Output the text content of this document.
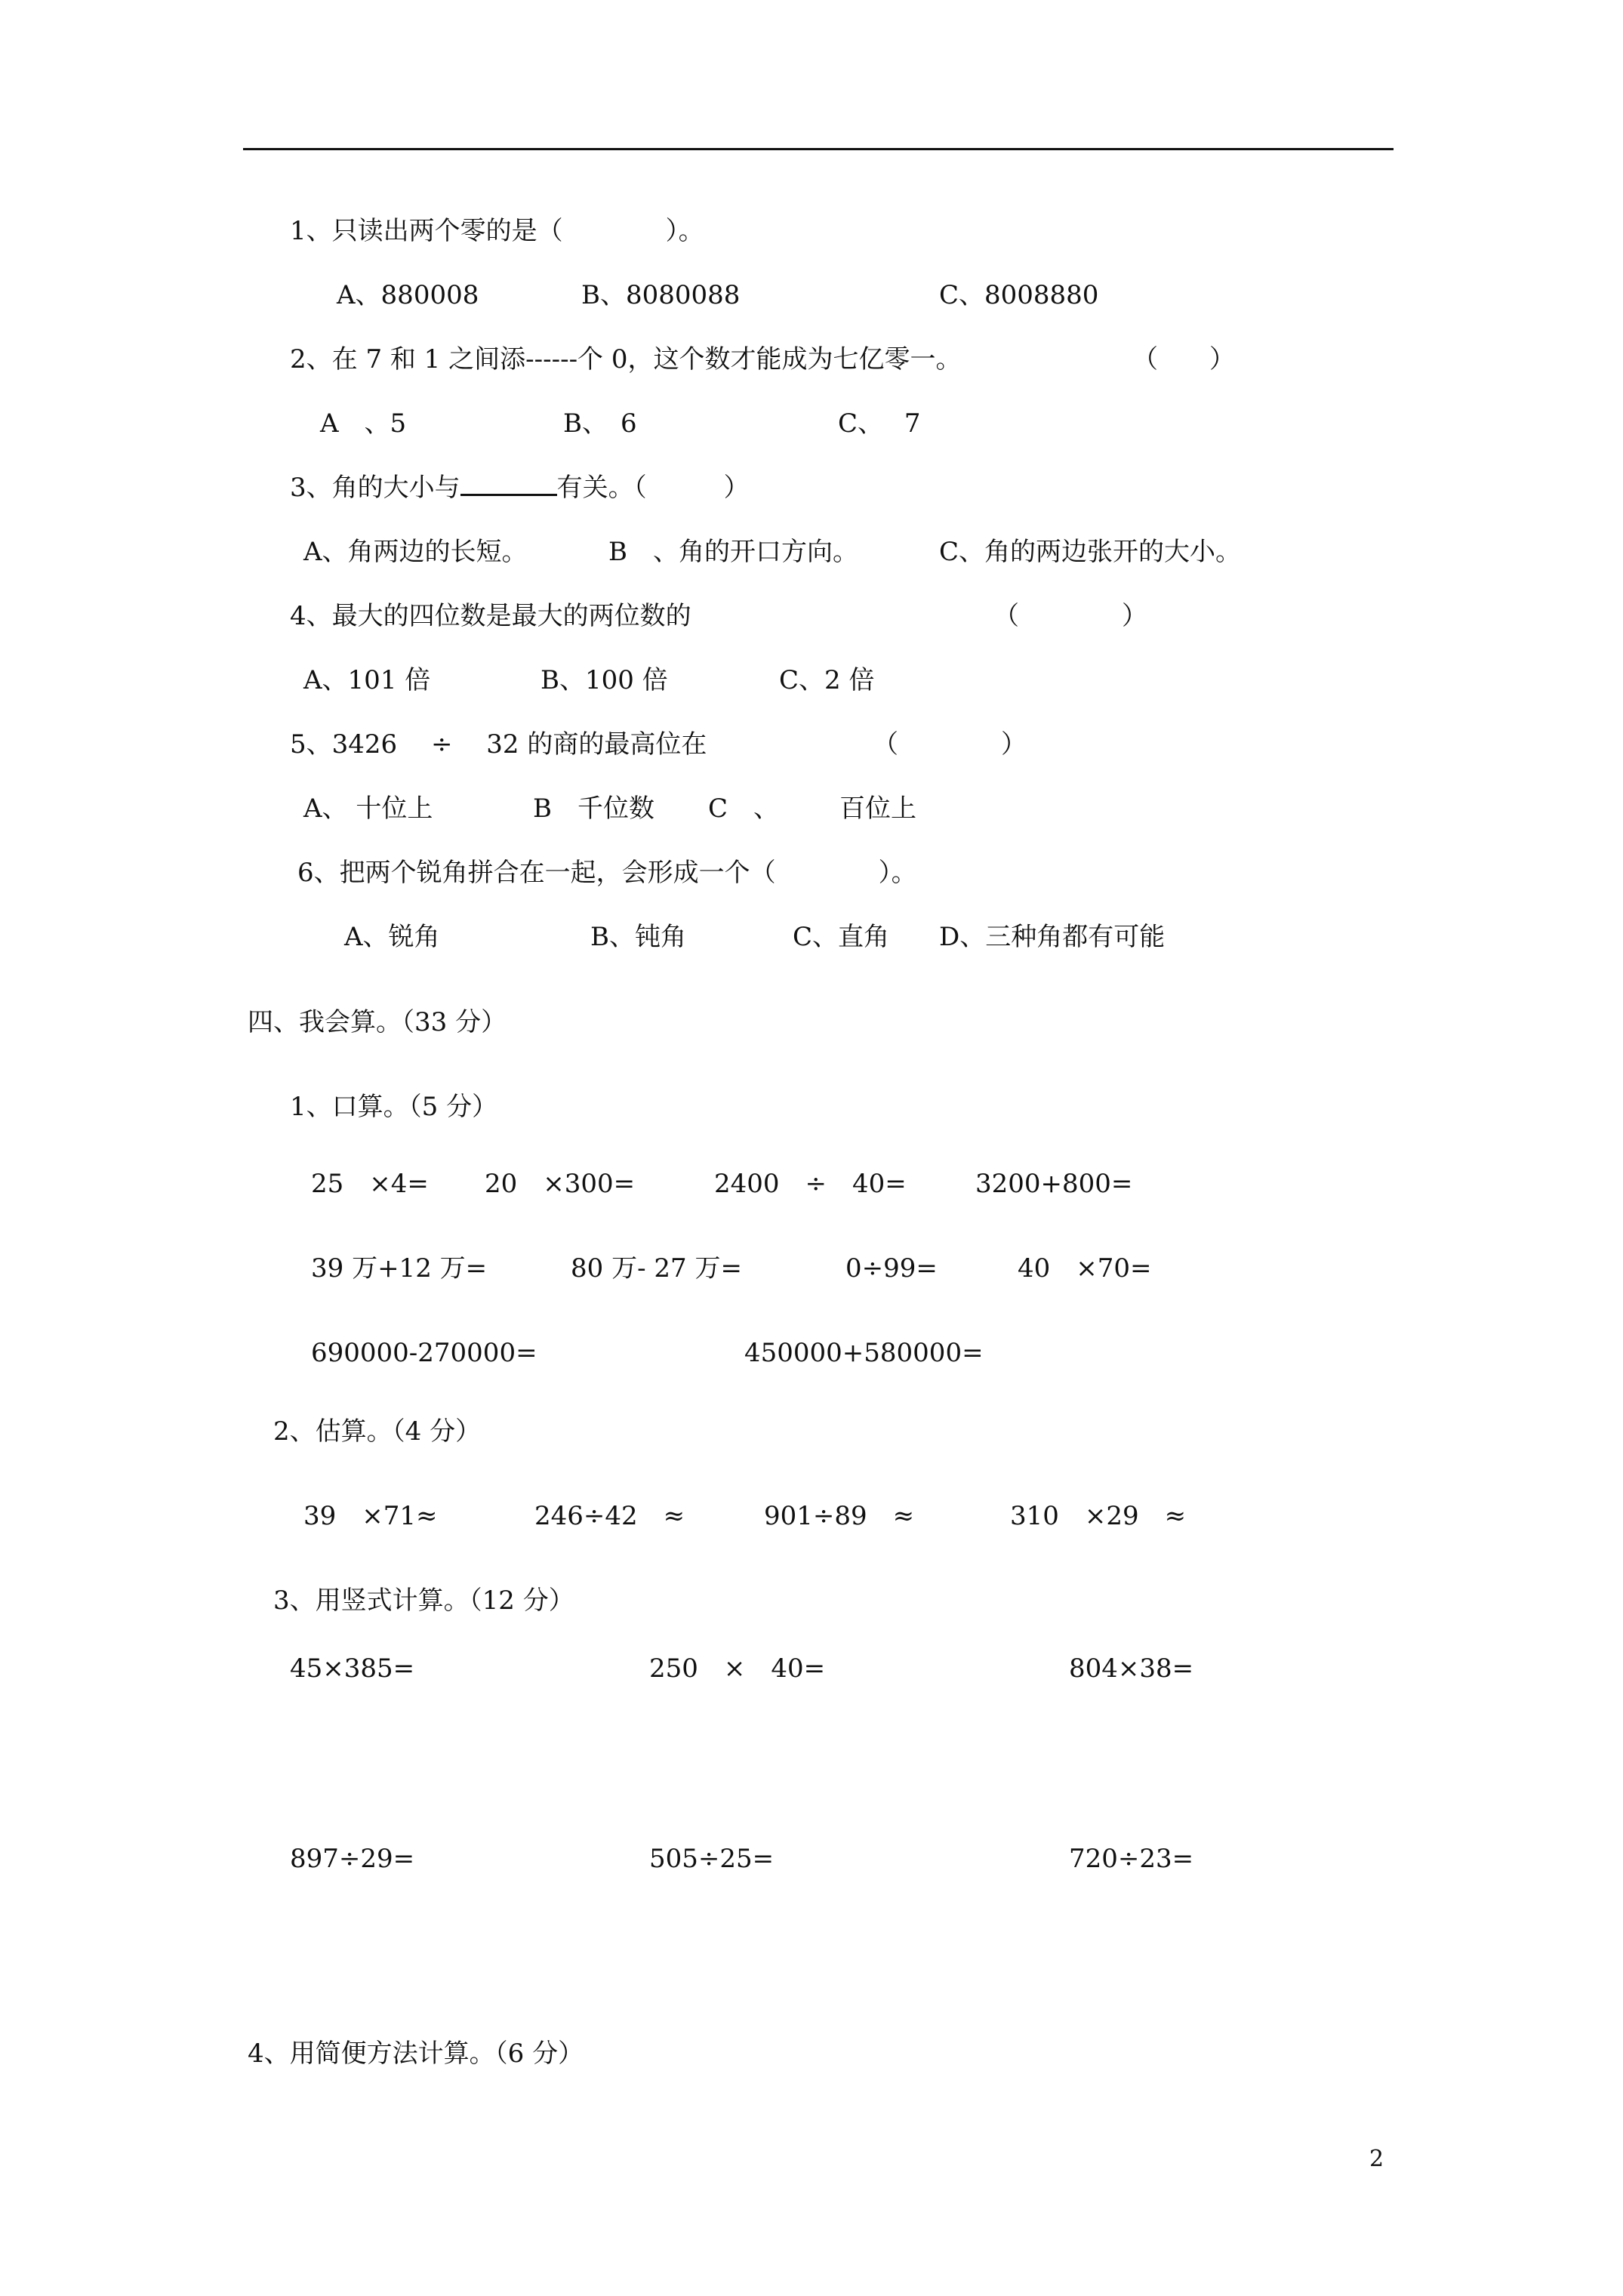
1、只读出两个零的是（　　　　）。
A、880008	B、8080088	C、8008880
2、在 7 和 1 之间添------个 0，这个数才能成为七亿零一。	（　　）
A　、5	B、　6	C、　 7
3、角的大小与	有关。（　　　）
A、角两边的长短。	B　、角的开口方向。	C、角的两边张开的大小。
4、最大的四位数是最大的两位数的	（　　　　）
A、101 倍	B、100 倍	C、2 倍
5、3426 　÷　 32 的商的最高位在	（　　　　）
A、 十位上	B　千位数 C　、 百位上
6、把两个锐角拼合在一起，会形成一个（　　　　）。
A、锐角	B、钝角	C、直角 D、三种角都有可能
四、我会算。（33 分）
1、口算。（5 分）
25　×4= 20　×300=	2400　÷　40=	3200+800=
39 万+12 万=	80 万- 27 万=	0÷99=	40　×70=
690000-270000=	450000+580000=
2、估算。（4 分）
39　×71≈	246÷42　≈	901÷89　≈	310　×29　≈
3、用竖式计算。（12 分）
45×385=	250　×　40=	804×38=
897÷29=	505÷25=	720÷23=
4、用简便方法计算。（6 分）
2
